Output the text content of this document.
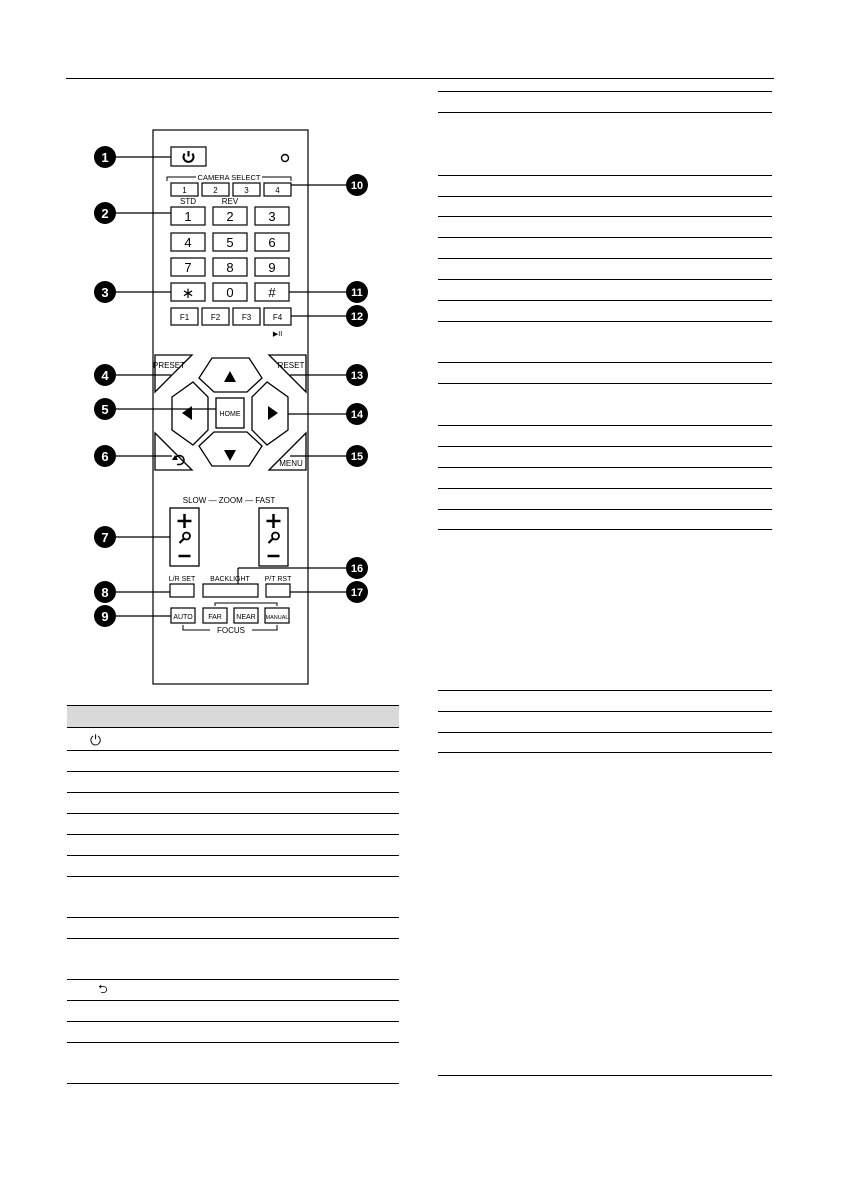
1
2
3
4
5
6
7
8
9
10
11
12
13
14
15
16
17
CAMERA SELECT
1	2	3	4
STD	REV
1	2	3
4	5	6
7	8	9
∗ 0	#
F1	F2	F3	F4
▶II
PRESET	RESET
HOME
MENU
SLOW — ZOOM — FAST
L/R SET BACKLIGHT P/T RST
AUTO FAR NEAR MANUAL
FOCUS
⏻
⮌
